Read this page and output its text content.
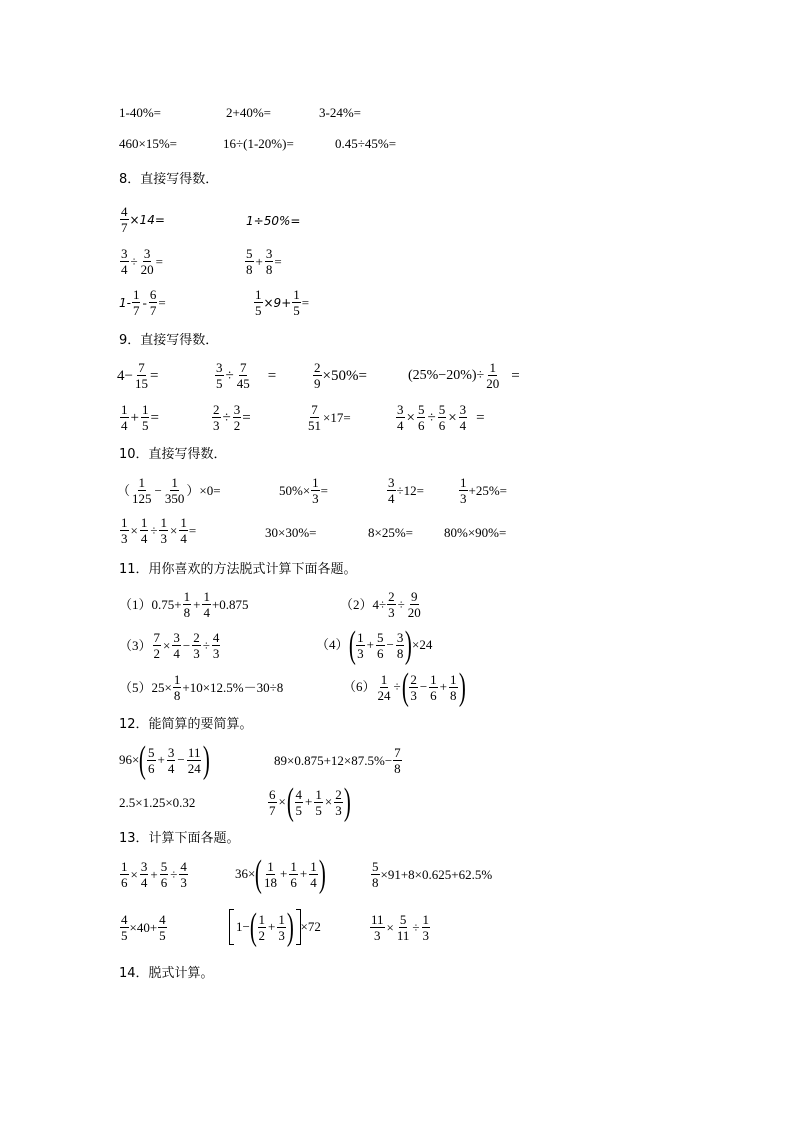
1-40%=	2+40%=	3-24%=
460×15%=	16÷(1-20%)=	0.45÷45%=
8．直接写得数．
$\frac{4}{7} \times 14=$	1÷50%=
$\frac{3}{4} \div \frac{3}{20}$ =	$\frac{5}{8} + \frac{3}{8}$ =
$1- \frac{1}{7} - \frac{6}{7}$ =	$\frac{1}{5} \times 9+ \frac{1}{5}$ =
9．直接写得数．
$4- \frac{7}{15}$ =	$\frac{3}{5} \div \frac{7}{45}$ =	$\frac{2}{9} \times 50\%=$	$(25\%-20\%)\div \frac{1}{20}$ =
$\frac{1}{4} + \frac{1}{5}$ =	$\frac{2}{3} \div \frac{3}{2}$ =	$\frac{7}{51} \times 17=$	$\frac{3}{4} \times \frac{5}{6} \div \frac{5}{6} \times \frac{3}{4}$ =
10．直接写得数．
（ $\frac{1}{125} - \frac{1}{350} )\times 0=$	$50\%\times \frac{1}{3}$ =	$\frac{3}{4} \div 12=$	$\frac{1}{3} +25\%=$
$\frac{1}{3} \times \frac{1}{4} \div \frac{1}{3} \times \frac{1}{4}$ =	30×30%=	8×25%= 80%×90%=
11．用你喜欢的方法脱式计算下面各题。
（1） $0.75+ \frac{1}{8} + \frac{1}{4} +0.875$	（2） $4\div \frac{2}{3} \div \frac{9}{20}$
$(3) \frac{7}{2} \times \frac{3}{4} - \frac{2}{3} \div \frac{4}{3}$	（4） ( $\frac{1}{3} + \frac{5}{6} - \frac{3}{8}$ ) ×24
（5） $25\times \frac{1}{8} +10\times 12.5\%-30\div 8$	$(6) \frac{1}{24}$ ÷ ( $\frac{2}{3} - \frac{1}{6} + \frac{1}{8}$ )
12．能简算的要简算。
96× ( $\frac{5}{6} + \frac{3}{4} - \frac{11}{24}$ )	$89\times 0.875+12\times 87.5\%- \frac{7}{8}$
2.5×1.25×0.32	$\frac{6}{7}$ × ( $\frac{4}{5} + \frac{1}{5} \times \frac{2}{3}$ )
13．计算下面各题。
$\frac{1}{6} \times \frac{3}{4} + \frac{5}{6} \div \frac{4}{3}$	36× ( $\frac{1}{18} + \frac{1}{6} + \frac{1}{4}$ )	$\frac{5}{8} \times 91+8\times 0.625+62.5\%$
$\frac{4}{5} \times 40+ \frac{4}{5}$	1− ( $\frac{1}{2} + \frac{1}{3}$ ) ×72	$\frac{11}{3} \times \frac{5}{11} \div \frac{1}{3}$
14．脱式计算。
